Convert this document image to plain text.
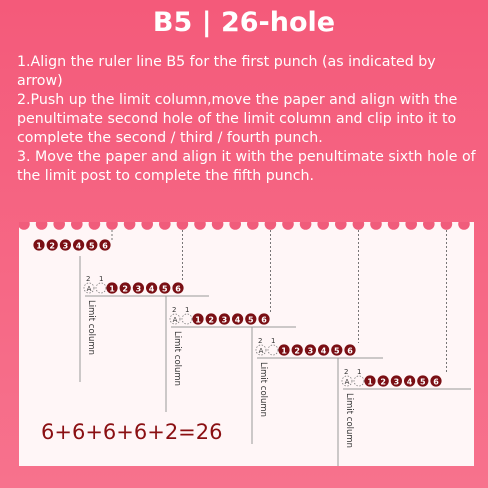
B5 | 26-hole

1.Align the ruler line B5 for the first punch (as indicated by arrow)

2.Push up the limit column,move the paper and align with the penultimate second hole of the limit column and clip into it to complete the second / third / fourth punch.

3. Move the paper and align it with the penultimate sixth hole of the limit post to complete the fifth punch.

1 2 3 4 5 6
2 1
A 1 2 3 4 5 6
Limit column	2 1
A 1 2 3 4 5 6
Limit column	2 1
A 1 2 3 4 5 6
Limit column	2 1
A 1 2 3 4 5 6
Limit column
6+6+6+6+2=26
